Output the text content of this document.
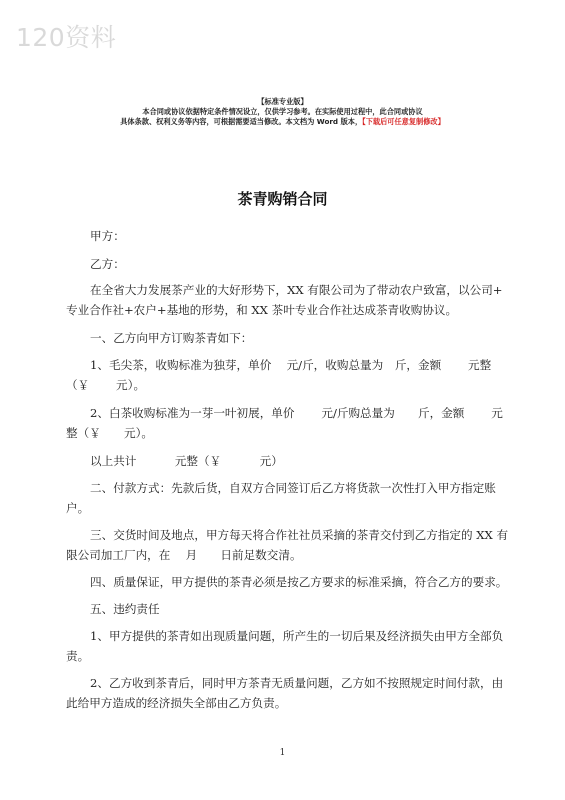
120资料
【标准专业版】
本合同或协议依据特定条件情况设立，仅供学习参考。在实际使用过程中，此合同或协议
具体条款、权利义务等内容，可根据需要适当修改。本文档为 Word 版本，【下载后可任意复制修改】
茶青购销合同
甲方：
乙方：
在全省大力发展茶产业的大好形势下，XX 有限公司为了带动农户致富，以公司+
专业合作社+农户+基地的形势，和 XX 茶叶专业合作社达成茶青收购协议。
一、乙方向甲方订购茶青如下：
1、毛尖茶，收购标准为独芽，单价　 元/斤，收购总量为　斤，金额　　 元整
（￥　　 元）。
2、白茶收购标准为一芽一叶初展，单价　　 元/斤购总量为　　斤，金额　　 元
整（￥　　元）。
以上共计　　　 元整（￥　　　 元）
二、付款方式：先款后货，自双方合同签订后乙方将货款一次性打入甲方指定账
户。
三、交货时间及地点，甲方每天将合作社社员采摘的茶青交付到乙方指定的 XX 有
限公司加工厂内，在　 月　　日前足数交清。
四、质量保证，甲方提供的茶青必须是按乙方要求的标准采摘，符合乙方的要求。
五、违约责任
1、甲方提供的茶青如出现质量问题，所产生的一切后果及经济损失由甲方全部负
责。
2、乙方收到茶青后，同时甲方茶青无质量问题，乙方如不按照规定时间付款，由
此给甲方造成的经济损失全部由乙方负责。
1
